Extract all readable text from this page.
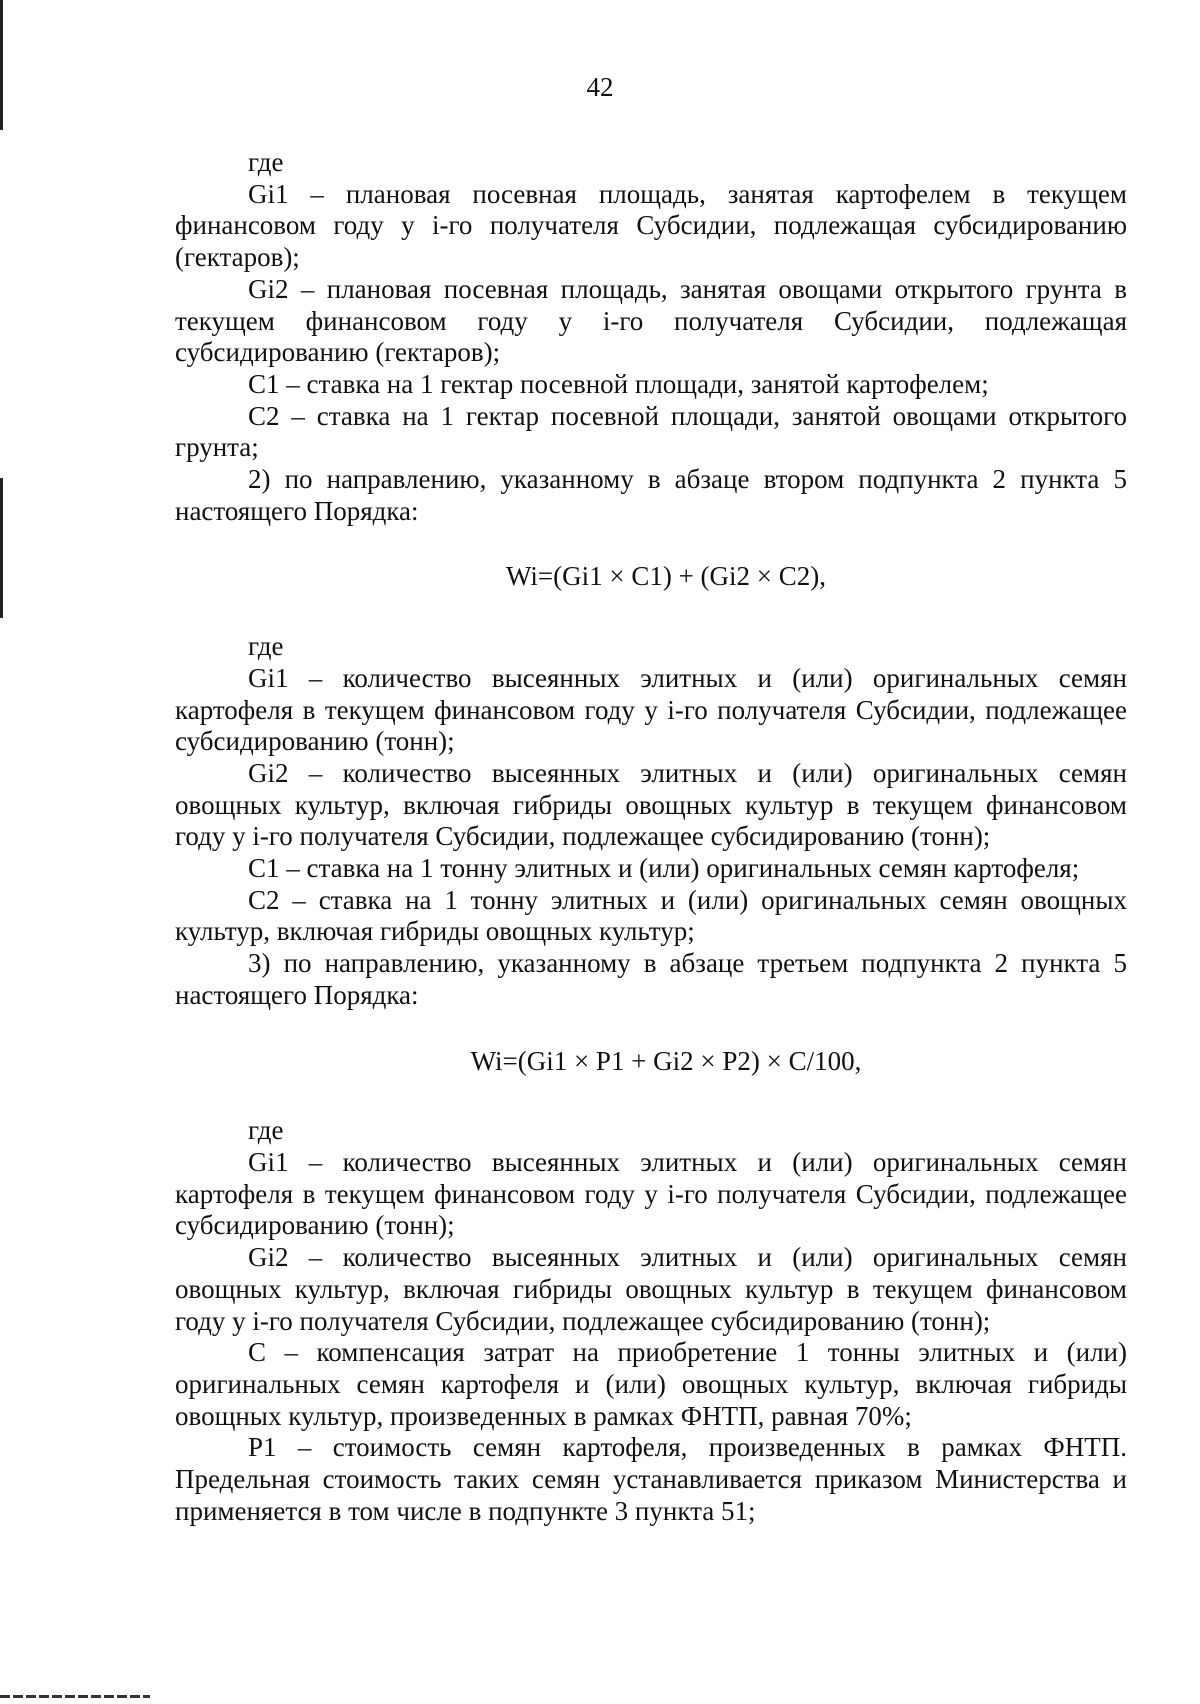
42

где

Gi1 – плановая посевная площадь, занятая картофелем в текущем финансовом году у i-го получателя Субсидии, подлежащая субсидированию (гектаров);

Gi2 – плановая посевная площадь, занятая овощами открытого грунта в текущем финансовом году у i-го получателя Субсидии, подлежащая субсидированию (гектаров);

С1 – ставка на 1 гектар посевной площади, занятой картофелем;

С2 – ставка на 1 гектар посевной площади, занятой овощами открытого грунта;

2) по направлению, указанному в абзаце втором подпункта 2 пункта 5 настоящего Порядка:

Wi=(Gi1 × C1) + (Gi2 × C2),

где

Gi1 – количество высеянных элитных и (или) оригинальных семян картофеля в текущем финансовом году у i-го получателя Субсидии, подлежащее субсидированию (тонн);

Gi2 – количество высеянных элитных и (или) оригинальных семян овощных культур, включая гибриды овощных культур в текущем финансовом году у i-го получателя Субсидии, подлежащее субсидированию (тонн);

С1 – ставка на 1 тонну элитных и (или) оригинальных семян картофеля;

С2 – ставка на 1 тонну элитных и (или) оригинальных семян овощных культур, включая гибриды овощных культур;

3) по направлению, указанному в абзаце третьем подпункта 2 пункта 5 настоящего Порядка:

Wi=(Gi1 × P1 + Gi2 × P2) × C/100,

где

Gi1 – количество высеянных элитных и (или) оригинальных семян картофеля в текущем финансовом году у i-го получателя Субсидии, подлежащее субсидированию (тонн);

Gi2 – количество высеянных элитных и (или) оригинальных семян овощных культур, включая гибриды овощных культур в текущем финансовом году у i-го получателя Субсидии, подлежащее субсидированию (тонн);

С – компенсация затрат на приобретение 1 тонны элитных и (или) оригинальных семян картофеля и (или) овощных культур, включая гибриды овощных культур, произведенных в рамках ФНТП, равная 70%;

Р1 – стоимость семян картофеля, произведенных в рамках ФНТП. Предельная стоимость таких семян устанавливается приказом Министерства и применяется в том числе в подпункте 3 пункта 51;
